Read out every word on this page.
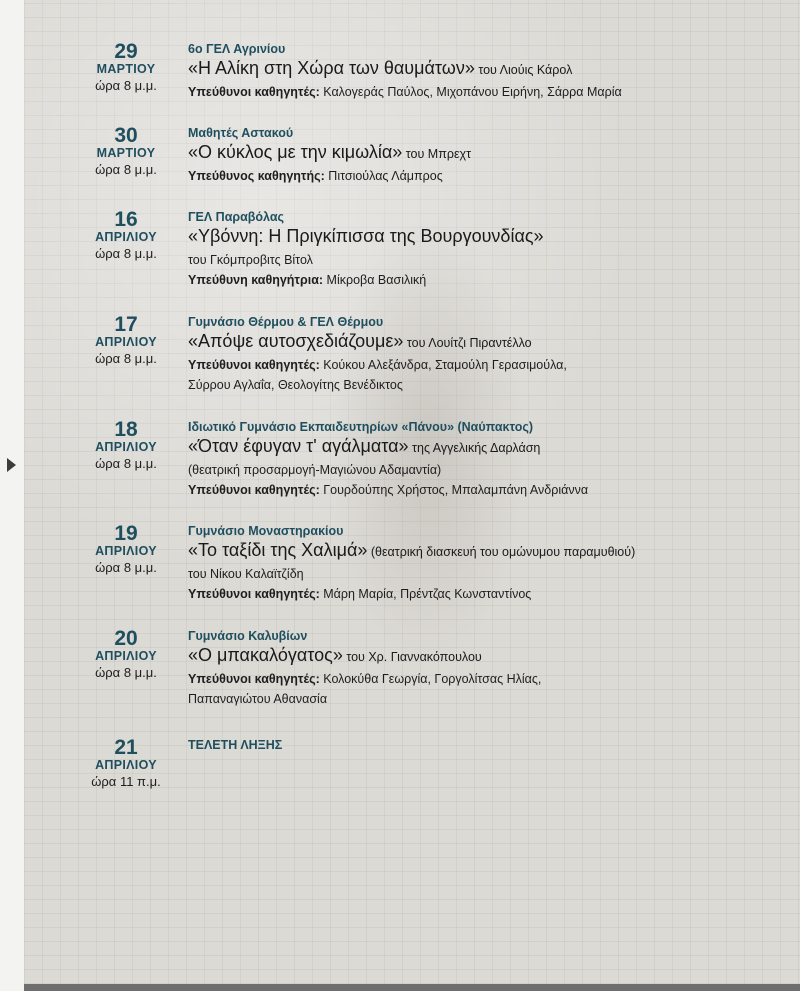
29
ΜΑΡΤΙΟΥ
ώρα 8 μ.μ.
6ο ΓΕΛ Αγρινίου
«Η Αλίκη στη Χώρα των θαυμάτων» του Λιούις Κάρολ
Υπεύθυνοι καθηγητές: Καλογεράς Παύλος, Μιχοπάνου Ειρήνη, Σάρρα Μαρία
30
ΜΑΡΤΙΟΥ
ώρα 8 μ.μ.
Μαθητές Αστακού
«Ο κύκλος με την κιμωλία» του Μπρεχτ
Υπεύθυνος καθηγητής: Πιτσιούλας Λάμπρος
16
ΑΠΡΙΛΙΟΥ
ώρα 8 μ.μ.
ΓΕΛ Παραβόλας
«Υβόννη: Η Πριγκίπισσα της Βουργουνδίας»
του Γκόμπροβιτς Βίτολ
Υπεύθυνη καθηγήτρια: Μίκροβα Βασιλική
17
ΑΠΡΙΛΙΟΥ
ώρα 8 μ.μ.
Γυμνάσιο Θέρμου & ΓΕΛ Θέρμου
«Απόψε αυτοσχεδιάζουμε» του Λουίτζι Πιραντέλλο
Υπεύθυνοι καθηγητές: Κούκου Αλεξάνδρα, Σταμούλη Γερασιμούλα,
Σύρρου Αγλαΐα, Θεολογίτης Βενέδικτος
18
ΑΠΡΙΛΙΟΥ
ώρα 8 μ.μ.
Ιδιωτικό Γυμνάσιο Εκπαιδευτηρίων «Πάνου» (Ναύπακτος)
«Όταν έφυγαν τ' αγάλματα» της Αγγελικής Δαρλάση
(θεατρική προσαρμογή-Μαγιώνου Αδαμαντία)
Υπεύθυνοι καθηγητές: Γουρδούπης Χρήστος, Μπαλαμπάνη Ανδριάννα
19
ΑΠΡΙΛΙΟΥ
ώρα 8 μ.μ.
Γυμνάσιο Μοναστηρακίου
«Το ταξίδι της Χαλιμά» (θεατρική διασκευή του ομώνυμου παραμυθιού)
του Νίκου Καλαϊτζίδη
Υπεύθυνοι καθηγητές: Μάρη Μαρία, Πρέντζας Κωνσταντίνος
20
ΑΠΡΙΛΙΟΥ
ώρα 8 μ.μ.
Γυμνάσιο Καλυβίων
«Ο μπακαλόγατος» του Χρ. Γιαννακόπουλου
Υπεύθυνοι καθηγητές: Κολοκύθα Γεωργία, Γοργολίτσας Ηλίας,
Παπαναγιώτου Αθανασία
21
ΑΠΡΙΛΙΟΥ
ώρα 11 π.μ.
ΤΕΛΕΤΗ ΛΗΞΗΣ
